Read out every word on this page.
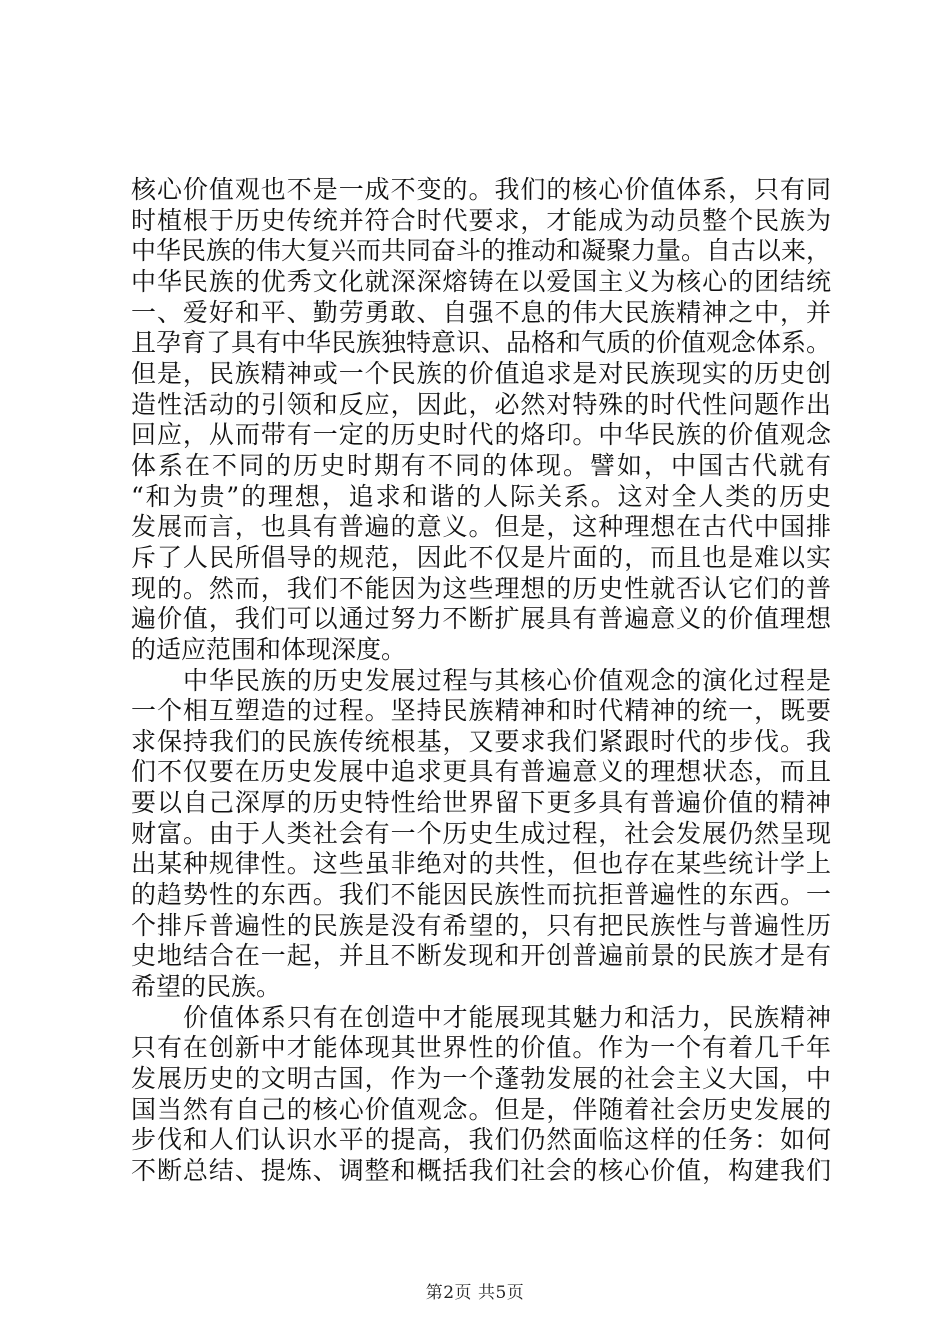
核心价值观也不是一成不变的。我们的核心价值体系，只有同
时植根于历史传统并符合时代要求，才能成为动员整个民族为
中华民族的伟大复兴而共同奋斗的推动和凝聚力量。自古以来，
中华民族的优秀文化就深深熔铸在以爱国主义为核心的团结统
一、爱好和平、勤劳勇敢、自强不息的伟大民族精神之中，并
且孕育了具有中华民族独特意识、品格和气质的价值观念体系。
但是，民族精神或一个民族的价值追求是对民族现实的历史创
造性活动的引领和反应，因此，必然对特殊的时代性问题作出
回应，从而带有一定的历史时代的烙印。中华民族的价值观念
体系在不同的历史时期有不同的体现。譬如，中国古代就有
“和为贵”的理想，追求和谐的人际关系。这对全人类的历史
发展而言，也具有普遍的意义。但是，这种理想在古代中国排
斥了人民所倡导的规范，因此不仅是片面的，而且也是难以实
现的。然而，我们不能因为这些理想的历史性就否认它们的普
遍价值，我们可以通过努力不断扩展具有普遍意义的价值理想
的适应范围和体现深度。
中华民族的历史发展过程与其核心价值观念的演化过程是
一个相互塑造的过程。坚持民族精神和时代精神的统一，既要
求保持我们的民族传统根基，又要求我们紧跟时代的步伐。我
们不仅要在历史发展中追求更具有普遍意义的理想状态，而且
要以自己深厚的历史特性给世界留下更多具有普遍价值的精神
财富。由于人类社会有一个历史生成过程，社会发展仍然呈现
出某种规律性。这些虽非绝对的共性，但也存在某些统计学上
的趋势性的东西。我们不能因民族性而抗拒普遍性的东西。一
个排斥普遍性的民族是没有希望的，只有把民族性与普遍性历
史地结合在一起，并且不断发现和开创普遍前景的民族才是有
希望的民族。
价值体系只有在创造中才能展现其魅力和活力，民族精神
只有在创新中才能体现其世界性的价值。作为一个有着几千年
发展历史的文明古国，作为一个蓬勃发展的社会主义大国，中
国当然有自己的核心价值观念。但是，伴随着社会历史发展的
步伐和人们认识水平的提高，我们仍然面临这样的任务：如何
不断总结、提炼、调整和概括我们社会的核心价值，构建我们
第2页 共5页
